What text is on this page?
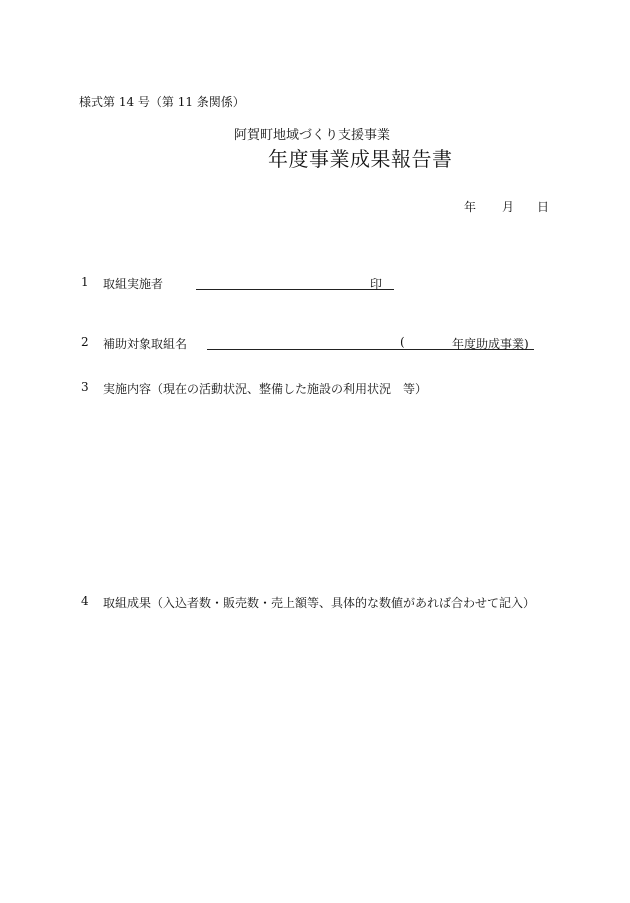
様式第 14 号（第 11 条関係）
阿賀町地域づくり支援事業
年度事業成果報告書
年 月 日
1 取組実施者	印
2 補助対象取組名	(	年度助成事業)
3 実施内容（現在の活動状況、整備した施設の利用状況　等）
4 取組成果（入込者数・販売数・売上額等、具体的な数値があれば合わせて記入）
